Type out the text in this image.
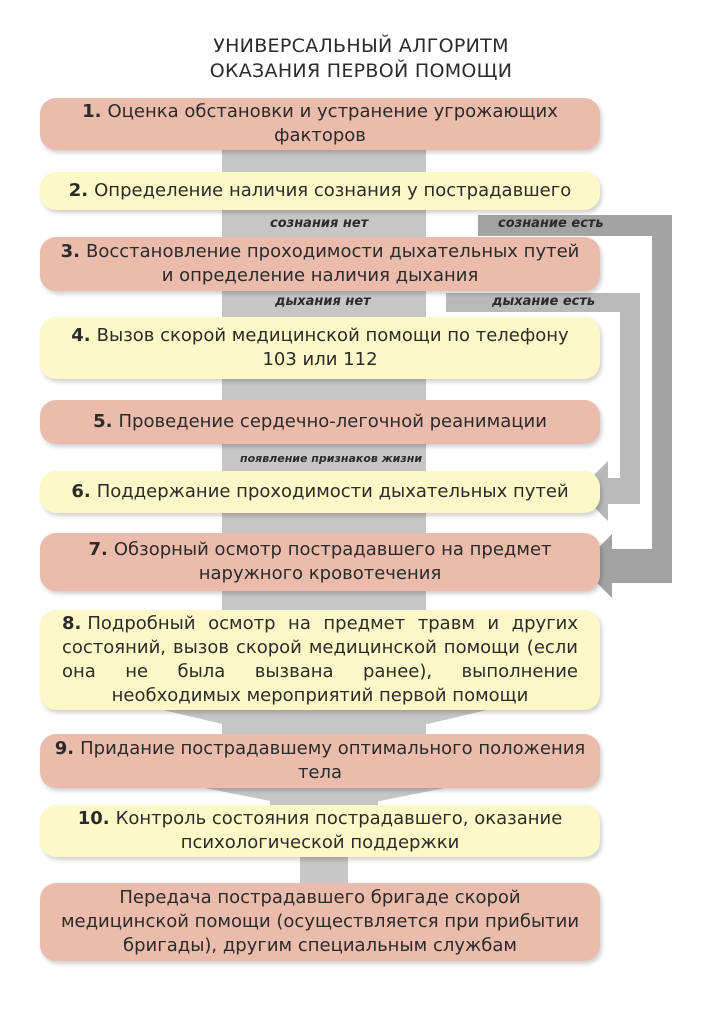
УНИВЕРСАЛЬНЫЙ АЛГОРИТМ
ОКАЗАНИЯ ПЕРВОЙ ПОМОЩИ
1. Оценка обстановки и устранение угрожающих факторов
2. Определение наличия сознания у пострадавшего
сознания нет	сознание есть
3. Восстановление проходимости дыхательных путей и определение наличия дыхания
дыхания нет	дыхание есть
4. Вызов скорой медицинской помощи по телефону 103 или 112
5. Проведение сердечно-легочной реанимации
появление признаков жизни
6. Поддержание проходимости дыхательных путей
7. Обзорный осмотр пострадавшего на предмет наружного кровотечения
8. Подробный осмотр на предмет травм и других состояний, вызов скорой медицинской помощи (если она не была вызвана ранее), выполнение необходимых мероприятий первой помощи
9. Придание пострадавшему оптимального положения тела
10. Контроль состояния пострадавшего, оказание психологической поддержки
Передача пострадавшего бригаде скорой медицинской помощи (осуществляется при прибытии бригады), другим специальным службам
